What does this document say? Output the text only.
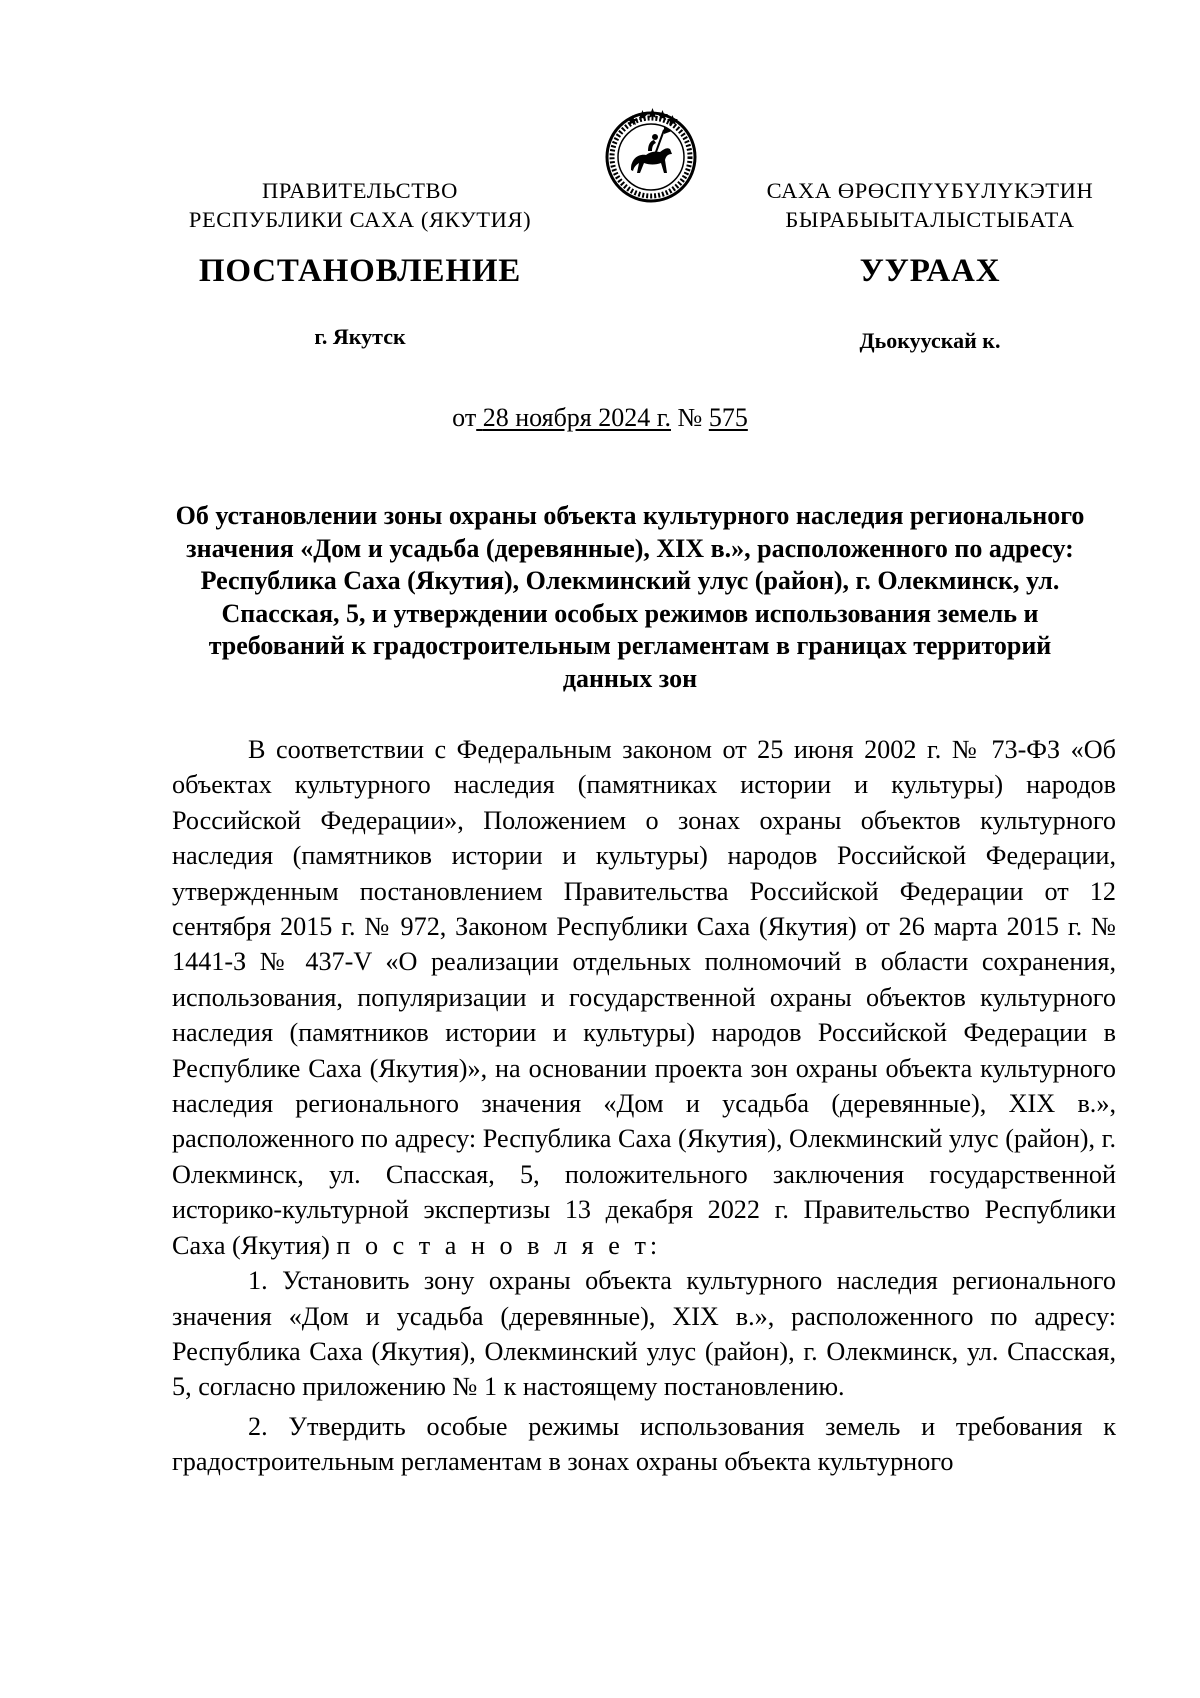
ПРАВИТЕЛЬСТВО
РЕСПУБЛИКИ САХА (ЯКУТИЯ)
САХА ӨРӨСПҮҮБҮЛҮКЭТИН
БЫРАБЫЫТАЛЫСТЫБАТА
ПОСТАНОВЛЕНИЕ	УУРААХ
г. Якутск	Дьокуускай к.
от 28 ноября 2024 г. № 575
Об установлении зоны охраны объекта культурного наследия регионального значения «Дом и усадьба (деревянные), XIX в.», расположенного по адресу: Республика Саха (Якутия), Олекминский улус (район), г. Олекминск, ул. Спасская, 5, и утверждении особых режимов использования земель и требований к градостроительным регламентам в границах территорий данных зон

В соответствии с Федеральным законом от 25 июня 2002 г. № 73-ФЗ «Об объектах культурного наследия (памятниках истории и культуры) народов Российской Федерации», Положением о зонах охраны объектов культурного наследия (памятников истории и культуры) народов Российской Федерации, утвержденным постановлением Правительства Российской Федерации от 12 сентября 2015 г. № 972, Законом Республики Саха (Якутия) от 26 марта 2015 г. № 1441-З № 437-V «О реализации отдельных полномочий в области сохранения, использования, популяризации и государственной охраны объектов культурного наследия (памятников истории и культуры) народов Российской Федерации в Республике Саха (Якутия)», на основании проекта зон охраны объекта культурного наследия регионального значения «Дом и усадьба (деревянные), XIX в.», расположенного по адресу: Республика Саха (Якутия), Олекминский улус (район), г. Олекминск, ул. Спасская, 5, положительного заключения государственной историко-культурной экспертизы 13 декабря 2022 г. Правительство Республики Саха (Якутия) п о с т а н о в л я е т:

1. Установить зону охраны объекта культурного наследия регионального значения «Дом и усадьба (деревянные), XIX в.», расположенного по адресу: Республика Саха (Якутия), Олекминский улус (район), г. Олекминск, ул. Спасская, 5, согласно приложению № 1 к настоящему постановлению.

2. Утвердить особые режимы использования земель и требования к градостроительным регламентам в зонах охраны объекта культурного
